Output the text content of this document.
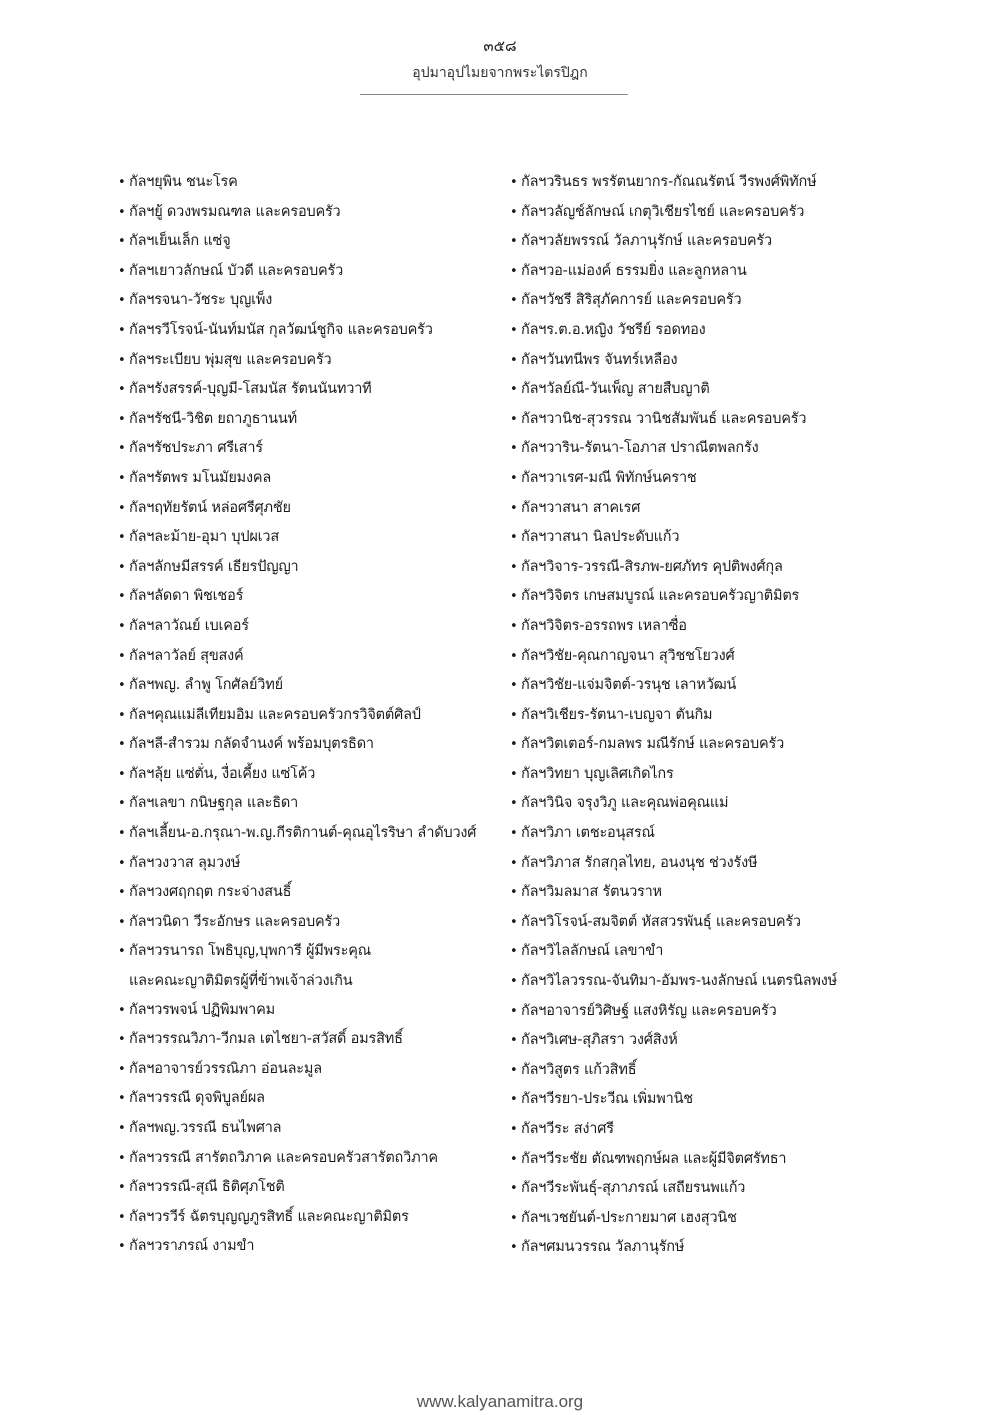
๓๕๘
อุปมาอุปไมยจากพระไตรปิฎก
• กัลฯยุพิน ชนะโรค
• กัลฯยู้ ดวงพรมณฑล และครอบครัว
• กัลฯเย็นเล็ก แซ่จู
• กัลฯเยาวลักษณ์ บัวดี และครอบครัว
• กัลฯรจนา-วัชระ บุญเพ็ง
• กัลฯรวีโรจน์-นันท์มนัส กุลวัฒน์ชูกิจ และครอบครัว
• กัลฯระเบียบ พุ่มสุข และครอบครัว
• กัลฯรังสรรค์-บุญมี-โสมนัส รัตนนันทวาที
• กัลฯรัชนี-วิชิต ยถาภูธานนท์
• กัลฯรัชประภา ศรีเสาร์
• กัลฯรัตพร มโนมัยมงคล
• กัลฯฤทัยรัตน์ หล่อศรีศุภชัย
• กัลฯละม้าย-อุมา บุปผเวส
• กัลฯลักษมีสรรค์ เธียรปัญญา
• กัลฯลัดดา พิชเชอร์
• กัลฯลาวัณย์ เบเคอร์
• กัลฯลาวัลย์ สุขสงค์
• กัลฯพญ. ลำพู โกศัลย์วิทย์
• กัลฯคุณแม่ลีเทียมอิม และครอบครัวกรวิจิตต์ศิลป์
• กัลฯลี-สำรวม กลัดจำนงค์ พร้อมบุตรธิดา
• กัลฯลุ้ย แซ่ตั่น, งื่อเคี้ยง แซ่โค้ว
• กัลฯเลขา กนิษฐกุล และธิดา
• กัลฯเลี้ยน-อ.กรุณา-พ.ญ.กีรติกานต์-คุณอุไรริษา ลำดับวงศ์
• กัลฯวงวาส ลุมวงษ์
• กัลฯวงศฤกฤต กระจ่างสนธิ์
• กัลฯวนิดา วีระอักษร และครอบครัว
• กัลฯวรนารถ โพธิบุญ,บุพการี ผู้มีพระคุณ
และคณะญาติมิตรผู้ที่ข้าพเจ้าล่วงเกิน
• กัลฯวรพจน์ ปฏิพิมพาคม
• กัลฯวรรณวิภา-วีกมล เตไชยา-สวัสดิ์ อมรสิทธิ์
• กัลฯอาจารย์วรรณิภา อ่อนละมูล
• กัลฯวรรณี ดุจพิบูลย์ผล
• กัลฯพญ.วรรณี ธนไพศาล
• กัลฯวรรณี สารัตถวิภาค และครอบครัวสารัตถวิภาค
• กัลฯวรรณี-สุณี ธิติศุภโชติ
• กัลฯวรวีร์ ฉัตรบุญญภูรสิทธิ์ และคณะญาติมิตร
• กัลฯวราภรณ์ งามขำ
• กัลฯวรินธร พรรัตนยากร-กัณณรัตน์ วีรพงศ์พิทักษ์
• กัลฯวลัญช์ลักษณ์ เกตุวิเชียรไชย์ และครอบครัว
• กัลฯวลัยพรรณ์ วัลภานุรักษ์ และครอบครัว
• กัลฯวอ-แม่องค์ ธรรมยิ่ง และลูกหลาน
• กัลฯวัชรี สิริสุภัคการย์ และครอบครัว
• กัลฯร.ต.อ.หญิง วัชรีย์ รอดทอง
• กัลฯวันทนีพร จันทร์เหลือง
• กัลฯวัลย์ณี-วันเพ็ญ สายสืบญาติ
• กัลฯวานิช-สุวรรณ วานิชสัมพันธ์ และครอบครัว
• กัลฯวาริน-รัตนา-โอภาส ปราณีตพลกรัง
• กัลฯวาเรศ-มณี พิทักษ์นคราช
• กัลฯวาสนา สาคเรศ
• กัลฯวาสนา นิลประดับแก้ว
• กัลฯวิจาร-วรรณี-สิรภพ-ยศภัทร คุปติพงศ์กุล
• กัลฯวิจิตร เกษสมบูรณ์ และครอบครัวญาติมิตร
• กัลฯวิจิตร-อรรถพร เหลาซื่อ
• กัลฯวิชัย-คุณกาญจนา สุวิชชโยวงศ์
• กัลฯวิชัย-แจ่มจิตต์-วรนุช เลาหวัฒน์
• กัลฯวิเชียร-รัตนา-เบญจา ตันกิม
• กัลฯวิตเตอร์-กมลพร มณีรักษ์ และครอบครัว
• กัลฯวิทยา บุญเลิศเกิดไกร
• กัลฯวินิจ จรุงวิภู และคุณพ่อคุณแม่
• กัลฯวิภา เตชะอนุสรณ์
• กัลฯวิภาส รักสกุลไทย, อนงนุช ช่วงรังษี
• กัลฯวิมลมาส รัตนวราห
• กัลฯวิโรจน์-สมจิตต์ หัสสวรพันธุ์ และครอบครัว
• กัลฯวิไลลักษณ์ เลขาขำ
• กัลฯวิไลวรรณ-จันทิมา-อัมพร-นงลักษณ์ เนตรนิลพงษ์
• กัลฯอาจารย์วิศิษฐ์ แสงหิรัญ และครอบครัว
• กัลฯวิเศษ-สุภิสรา วงศ์สิงห์
• กัลฯวิสูตร แก้วสิทธิ์
• กัลฯวีรยา-ประวีณ เพิ่มพานิช
• กัลฯวีระ สง่าศรี
• กัลฯวีระชัย ตัณฑพฤกษ์ผล และผู้มีจิตศรัทธา
• กัลฯวีระพันธุ์-สุภาภรณ์ เสถียรนพแก้ว
• กัลฯเวชยันต์-ประกายมาศ เฮงสุวนิช
• กัลฯศมนวรรณ วัลภานุรักษ์
www.kalyanamitra.org
